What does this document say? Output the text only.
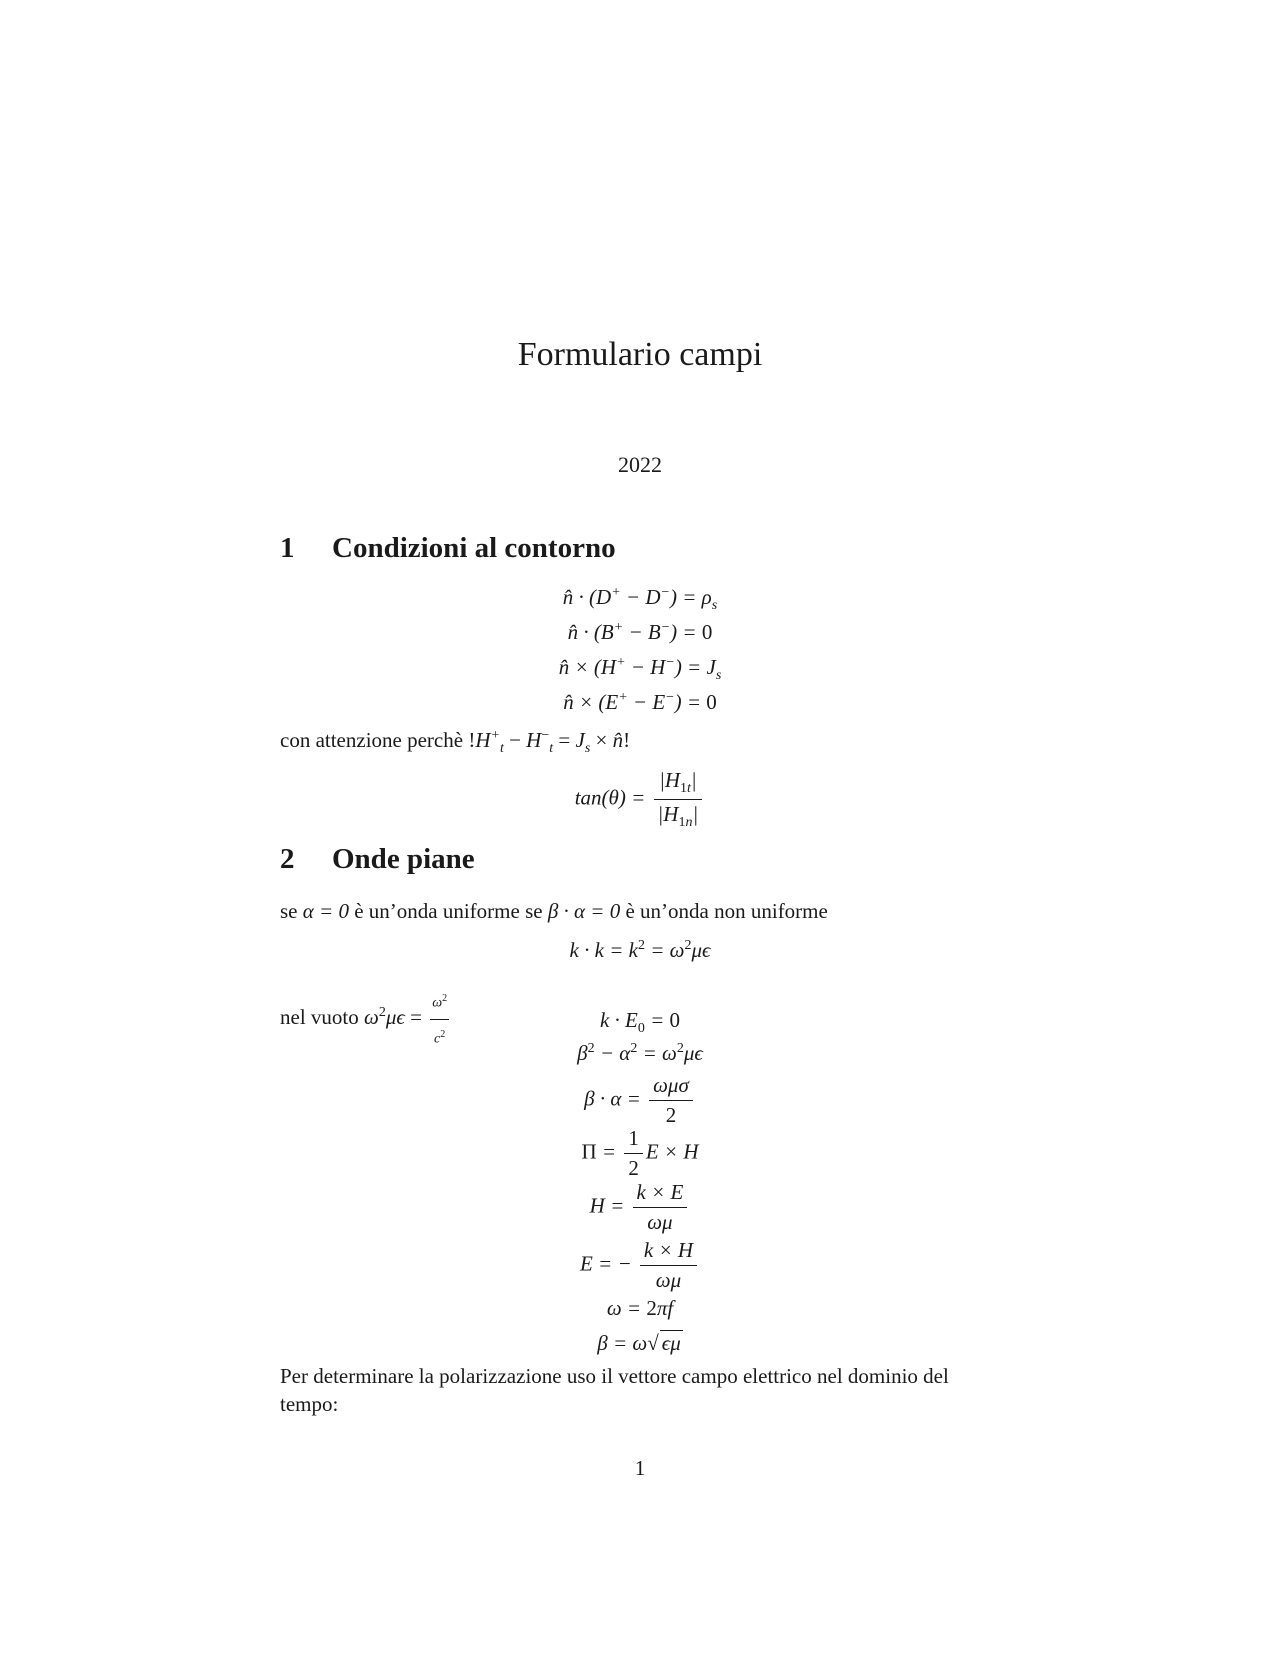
Formulario campi
2022
1 Condizioni al contorno
n̂ · $(D^+ - D^-) = \rho_s$
n̂ · (B+ − B−) = 0
n̂ × $(H^+ - H^-) = J_s$
n̂ × (E+ − E−) = 0
con attenzione perchè $!H^+_t - H^-_t = J_s$ × n̂!
$\tan(\theta) = \frac{|H_{1t}|}{|H_{1n}|}$
2 Onde piane
se α = 0 è un’onda uniforme se β · α = 0 è un’onda non uniforme
$k \cdot k = k^2 = \omega^2\mu\epsilon$
nel vuoto $\omega^2\mu\epsilon = \frac{\omega^2}{c^2}$	$k \cdot E_0 = 0$
$\beta^2 - \alpha^2 = \omega^2\mu\epsilon$
$\beta \cdot \alpha = \frac{\text{ωμσ}}{2}$
$\Pi = \frac{1}{2}$ E × H
$H = \frac{k \times E}{\omega\mu}$
E = − $\frac{k \times H}{\omega\mu}$
ω = 2πf
β = ω√ ϵμ
Per determinare la polarizzazione uso il vettore campo elettrico nel dominio del tempo:
1
